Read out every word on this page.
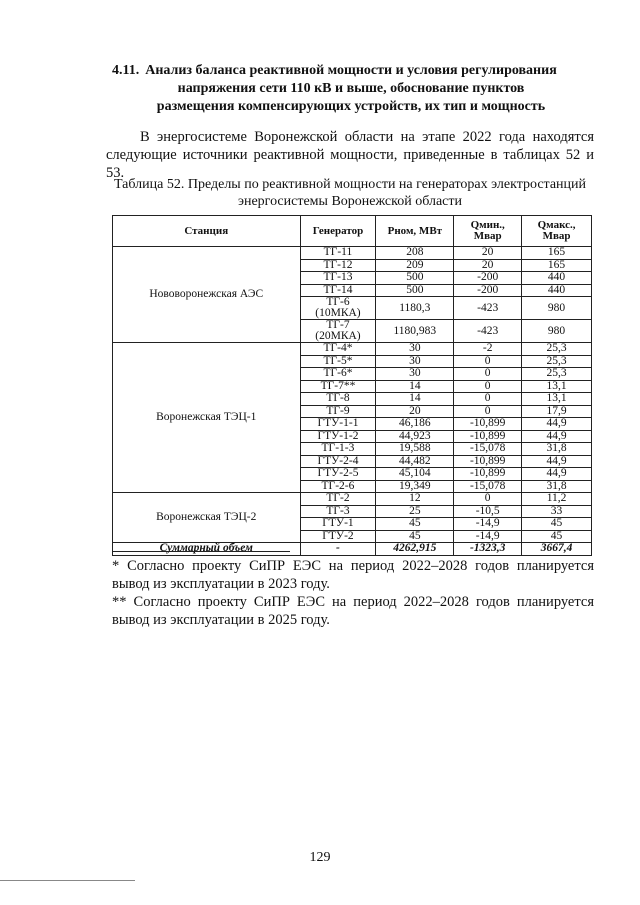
4.11. Анализ баланса реактивной мощности и условия регулирования
напряжения сети 110 кВ и выше, обоснование пунктов
размещения компенсирующих устройств, их тип и мощность
В энергосистеме Воронежской области на этапе 2022 года находятся следующие источники реактивной мощности, приведенные в таблицах 52 и 53.
Таблица 52. Пределы по реактивной мощности на генераторах электростанций
энергосистемы Воронежской области
Станция	Генератор	Рном, МВт	Qмин., Мвар	Qмакс., Мвар
Нововоронежская АЭС	ТГ-11	208	20	165
	ТГ-12	209	20	165
	ТГ-13	500	-200	440
	ТГ-14	500	-200	440
	ТГ-6 (10МКА)	1180,3	-423	980
	ТГ-7 (20МКА)	1180,983	-423	980
Воронежская ТЭЦ-1	ТГ-4*	30	-2	25,3
	ТГ-5*	30	0	25,3
	ТГ-6*	30	0	25,3
	ТГ-7**	14	0	13,1
	ТГ-8	14	0	13,1
	ТГ-9	20	0	17,9
	ГТУ-1-1	46,186	-10,899	44,9
	ГТУ-1-2	44,923	-10,899	44,9
	ТГ-1-3	19,588	-15,078	31,8
	ГТУ-2-4	44,482	-10,899	44,9
	ГТУ-2-5	45,104	-10,899	44,9
	ТГ-2-6	19,349	-15,078	31,8
Воронежская ТЭЦ-2	ТГ-2	12	0	11,2
	ТГ-3	25	-10,5	33
	ГТУ-1	45	-14,9	45
	ГТУ-2	45	-14,9	45
Суммарный объем	-	4262,915	-1323,3	3667,4

* Согласно проекту СиПР ЕЭС на период 2022–2028 годов планируется вывод из эксплуатации в 2023 году.

** Согласно проекту СиПР ЕЭС на период 2022–2028 годов планируется вывод из эксплуатации в 2025 году.

129
